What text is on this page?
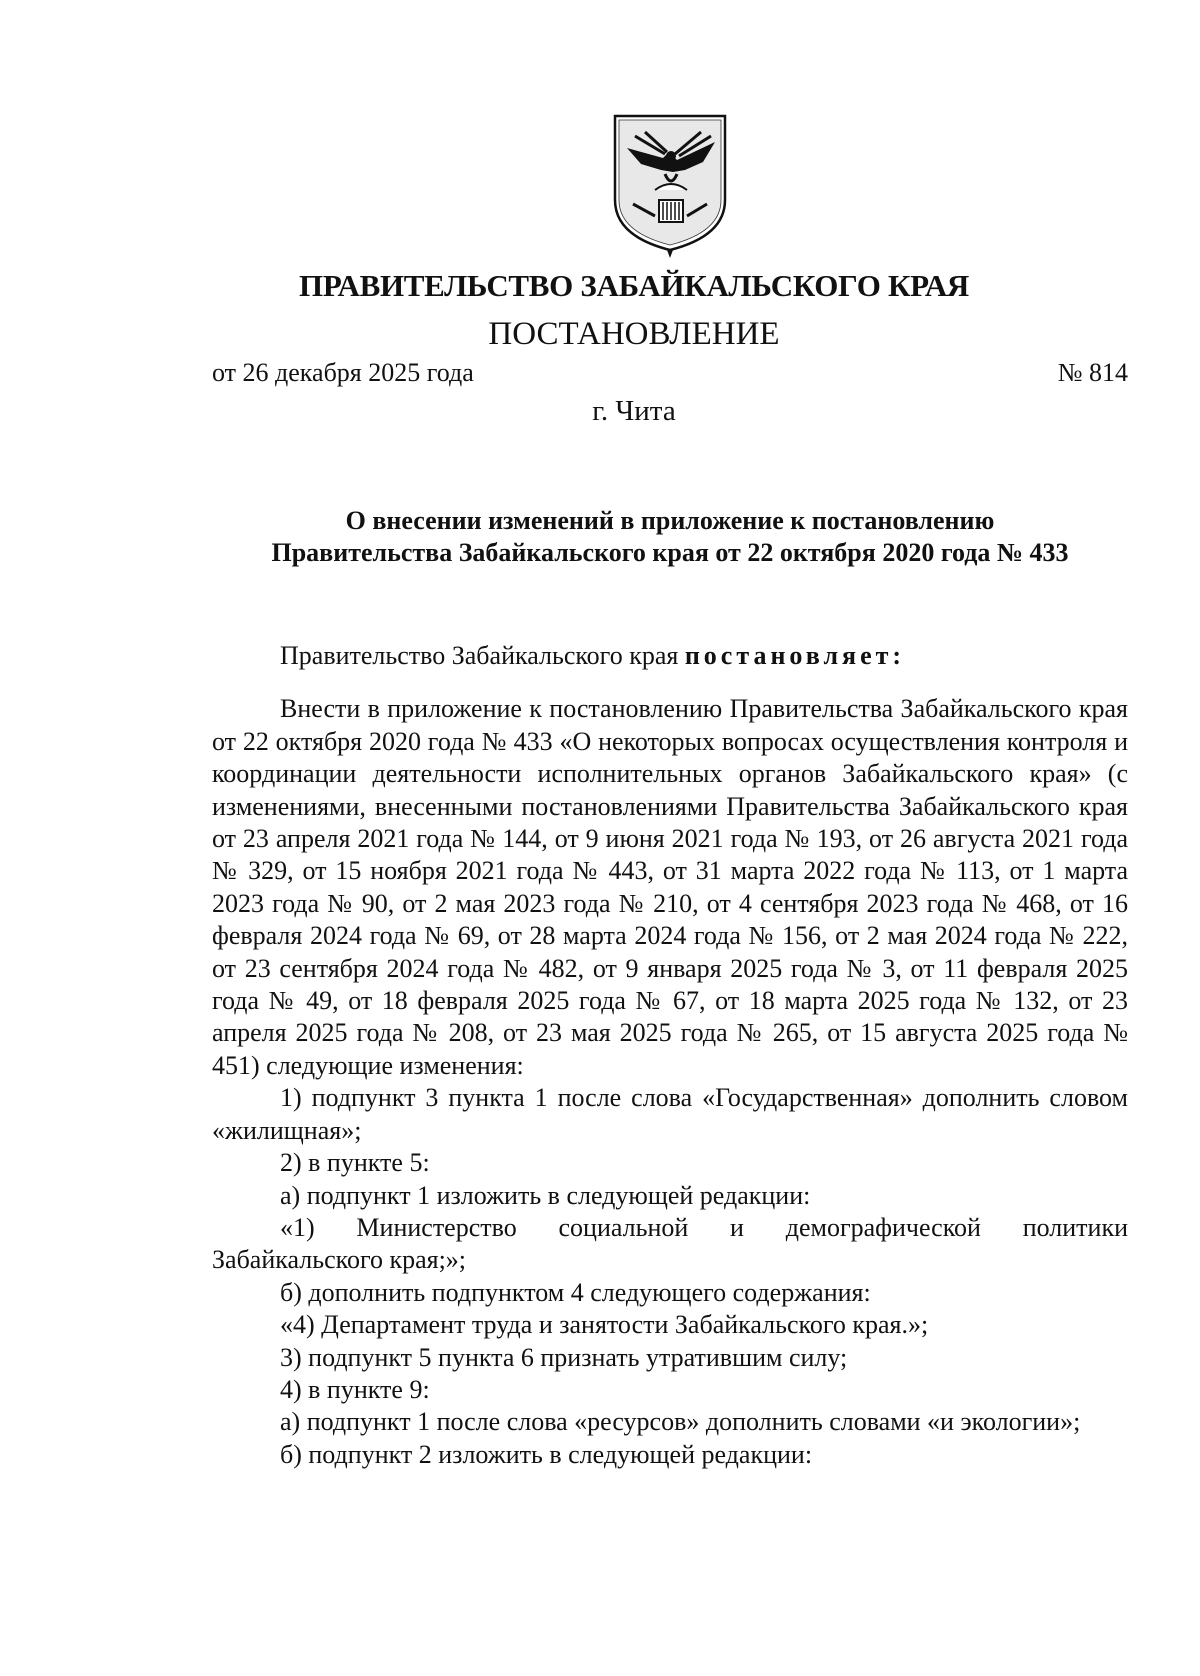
ПРАВИТЕЛЬСТВО ЗАБАЙКАЛЬСКОГО КРАЯ
ПОСТАНОВЛЕНИЕ
от 26 декабря 2025 года	№ 814
г. Чита
О внесении изменений в приложение к постановлению
Правительства Забайкальского края от 22 октября 2020 года № 433

Правительство Забайкальского края постановляет:

Внести в приложение к постановлению Правительства Забайкальского края от 22 октября 2020 года № 433 «О некоторых вопросах осуществления контроля и координации деятельности исполнительных органов Забайкальского края» (с изменениями, внесенными постановлениями Правительства Забайкальского края от 23 апреля 2021 года № 144, от 9 июня 2021 года № 193, от 26 августа 2021 года № 329, от 15 ноября 2021 года № 443, от 31 марта 2022 года № 113, от 1 марта 2023 года № 90, от 2 мая 2023 года № 210, от 4 сентября 2023 года № 468, от 16 февраля 2024 года № 69, от 28 марта 2024 года № 156, от 2 мая 2024 года № 222, от 23 сентября 2024 года № 482, от 9 января 2025 года № 3, от 11 февраля 2025 года № 49, от 18 февраля 2025 года № 67, от 18 марта 2025 года № 132, от 23 апреля 2025 года № 208, от 23 мая 2025 года № 265, от 15 августа 2025 года № 451) следующие изменения:

1) подпункт 3 пункта 1 после слова «Государственная» дополнить словом «жилищная»;

2) в пункте 5:

а) подпункт 1 изложить в следующей редакции:

«1) Министерство социальной и демографической политики Забайкальского края;»;

б) дополнить подпунктом 4 следующего содержания:

«4) Департамент труда и занятости Забайкальского края.»;

3) подпункт 5 пункта 6 признать утратившим силу;

4) в пункте 9:

а) подпункт 1 после слова «ресурсов» дополнить словами «и экологии»;

б) подпункт 2 изложить в следующей редакции:
